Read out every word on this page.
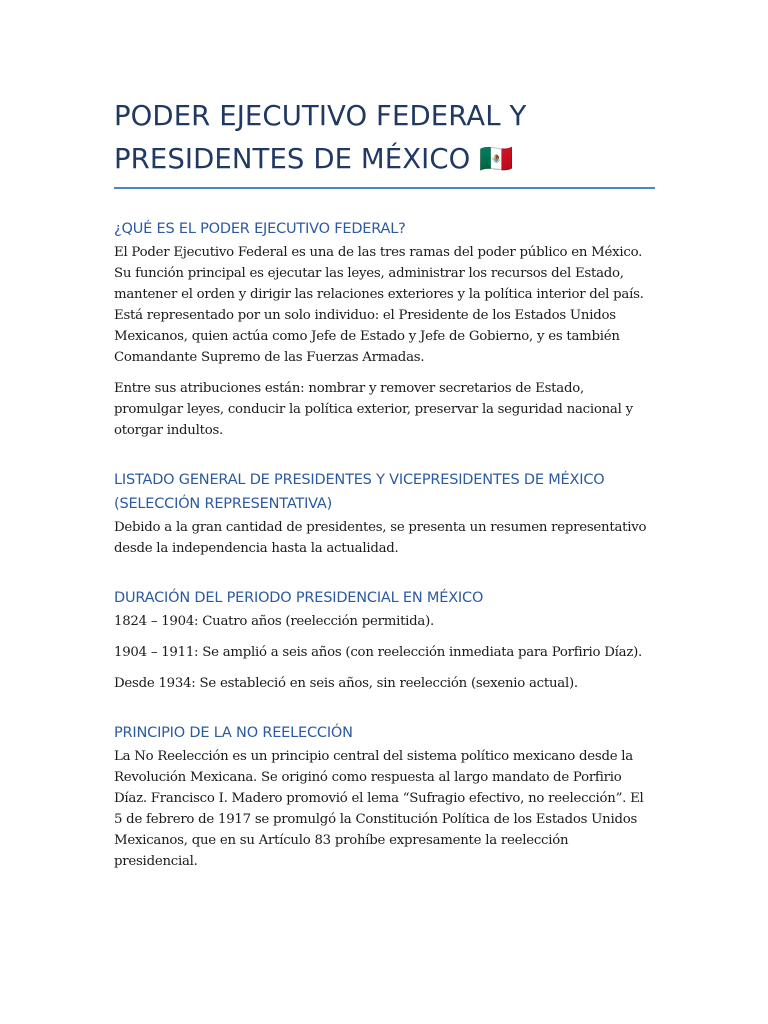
PODER EJECUTIVO FEDERAL Y
PRESIDENTES DE MÉXICO 🇲🇽
¿QUÉ ES EL PODER EJECUTIVO FEDERAL?

El Poder Ejecutivo Federal es una de las tres ramas del poder público en México. Su función principal es ejecutar las leyes, administrar los recursos del Estado, mantener el orden y dirigir las relaciones exteriores y la política interior del país. Está representado por un solo individuo: el Presidente de los Estados Unidos Mexicanos, quien actúa como Jefe de Estado y Jefe de Gobierno, y es también Comandante Supremo de las Fuerzas Armadas.

Entre sus atribuciones están: nombrar y remover secretarios de Estado, promulgar leyes, conducir la política exterior, preservar la seguridad nacional y otorgar indultos.

LISTADO GENERAL DE PRESIDENTES Y VICEPRESIDENTES DE MÉXICO (SELECCIÓN REPRESENTATIVA)

Debido a la gran cantidad de presidentes, se presenta un resumen representativo desde la independencia hasta la actualidad.

DURACIÓN DEL PERIODO PRESIDENCIAL EN MÉXICO

1824 – 1904: Cuatro años (reelección permitida).

1904 – 1911: Se amplió a seis años (con reelección inmediata para Porfirio Díaz).

Desde 1934: Se estableció en seis años, sin reelección (sexenio actual).

PRINCIPIO DE LA NO REELECCIÓN

La No Reelección es un principio central del sistema político mexicano desde la Revolución Mexicana. Se originó como respuesta al largo mandato de Porfirio Díaz. Francisco I. Madero promovió el lema “Sufragio efectivo, no reelección”. El 5 de febrero de 1917 se promulgó la Constitución Política de los Estados Unidos Mexicanos, que en su Artículo 83 prohíbe expresamente la reelección presidencial.
